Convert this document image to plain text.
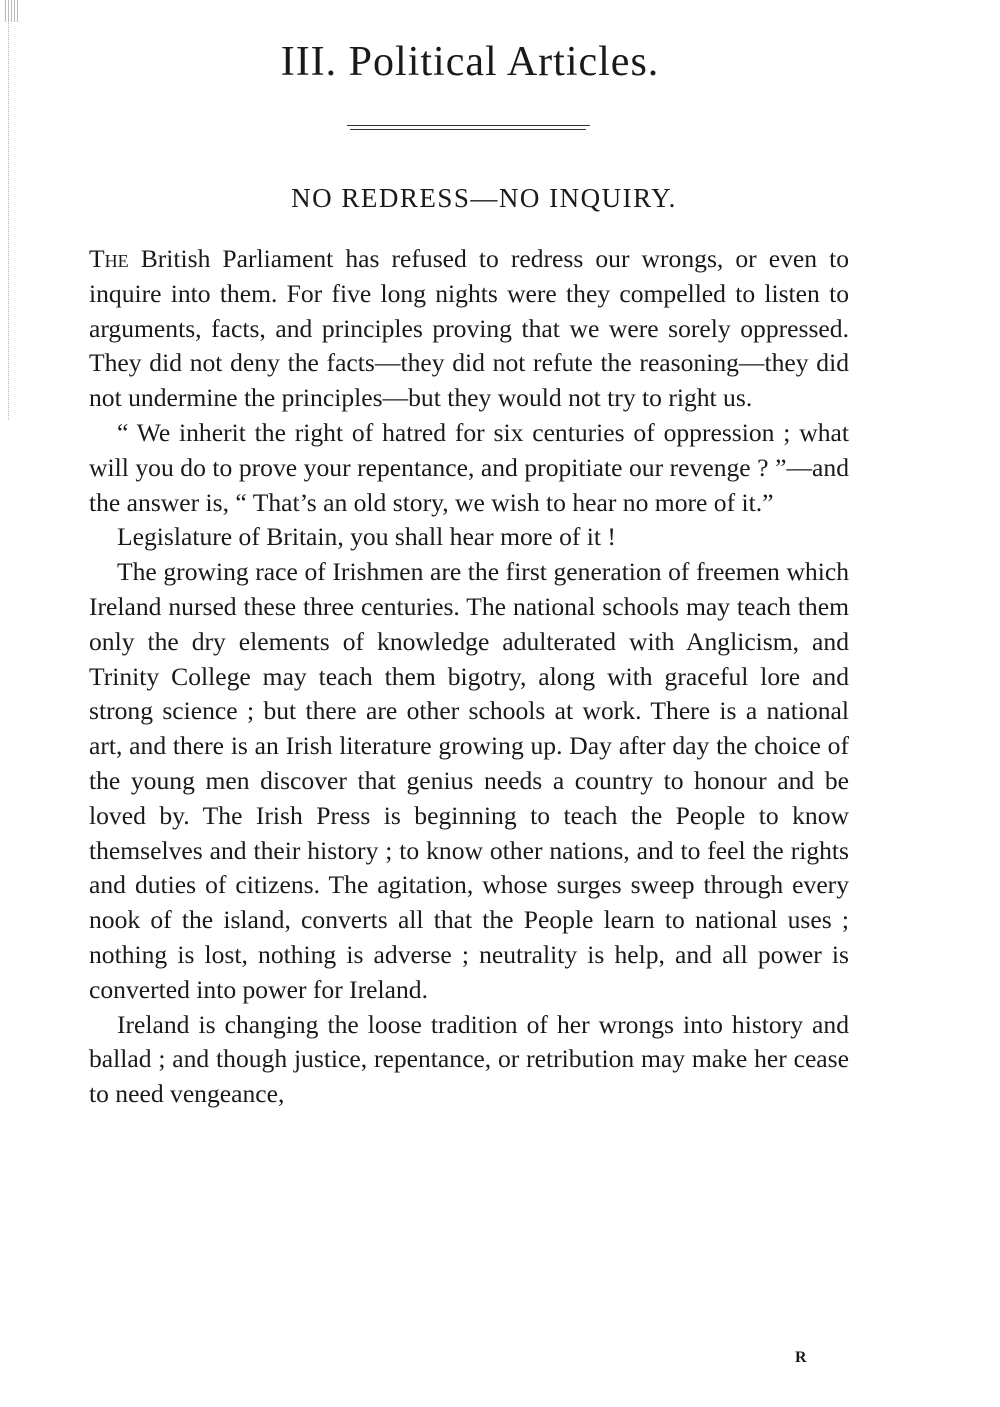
III. Political Articles.
NO REDRESS—NO INQUIRY.

The British Parliament has refused to redress our wrongs, or even to inquire into them. For five long nights were they compelled to listen to arguments, facts, and principles proving that we were sorely oppressed. They did not deny the facts—they did not refute the reasoning—they did not undermine the principles—but they would not try to right us.

“ We inherit the right of hatred for six centuries of oppression ; what will you do to prove your repentance, and propitiate our revenge ? ”—and the answer is, “ That’s an old story, we wish to hear no more of it.”

Legislature of Britain, you shall hear more of it !

The growing race of Irishmen are the first generation of freemen which Ireland nursed these three centuries. The national schools may teach them only the dry elements of knowledge adulterated with Anglicism, and Trinity College may teach them bigotry, along with graceful lore and strong science ; but there are other schools at work. There is a national art, and there is an Irish literature growing up. Day after day the choice of the young men discover that genius needs a country to honour and be loved by. The Irish Press is beginning to teach the People to know themselves and their history ; to know other nations, and to feel the rights and duties of citizens. The agitation, whose surges sweep through every nook of the island, converts all that the People learn to national uses ; nothing is lost, nothing is adverse ; neutrality is help, and all power is converted into power for Ireland.

Ireland is changing the loose tradition of her wrongs into history and ballad ; and though justice, repentance, or retribution may make her cease to need vengeance,

R
